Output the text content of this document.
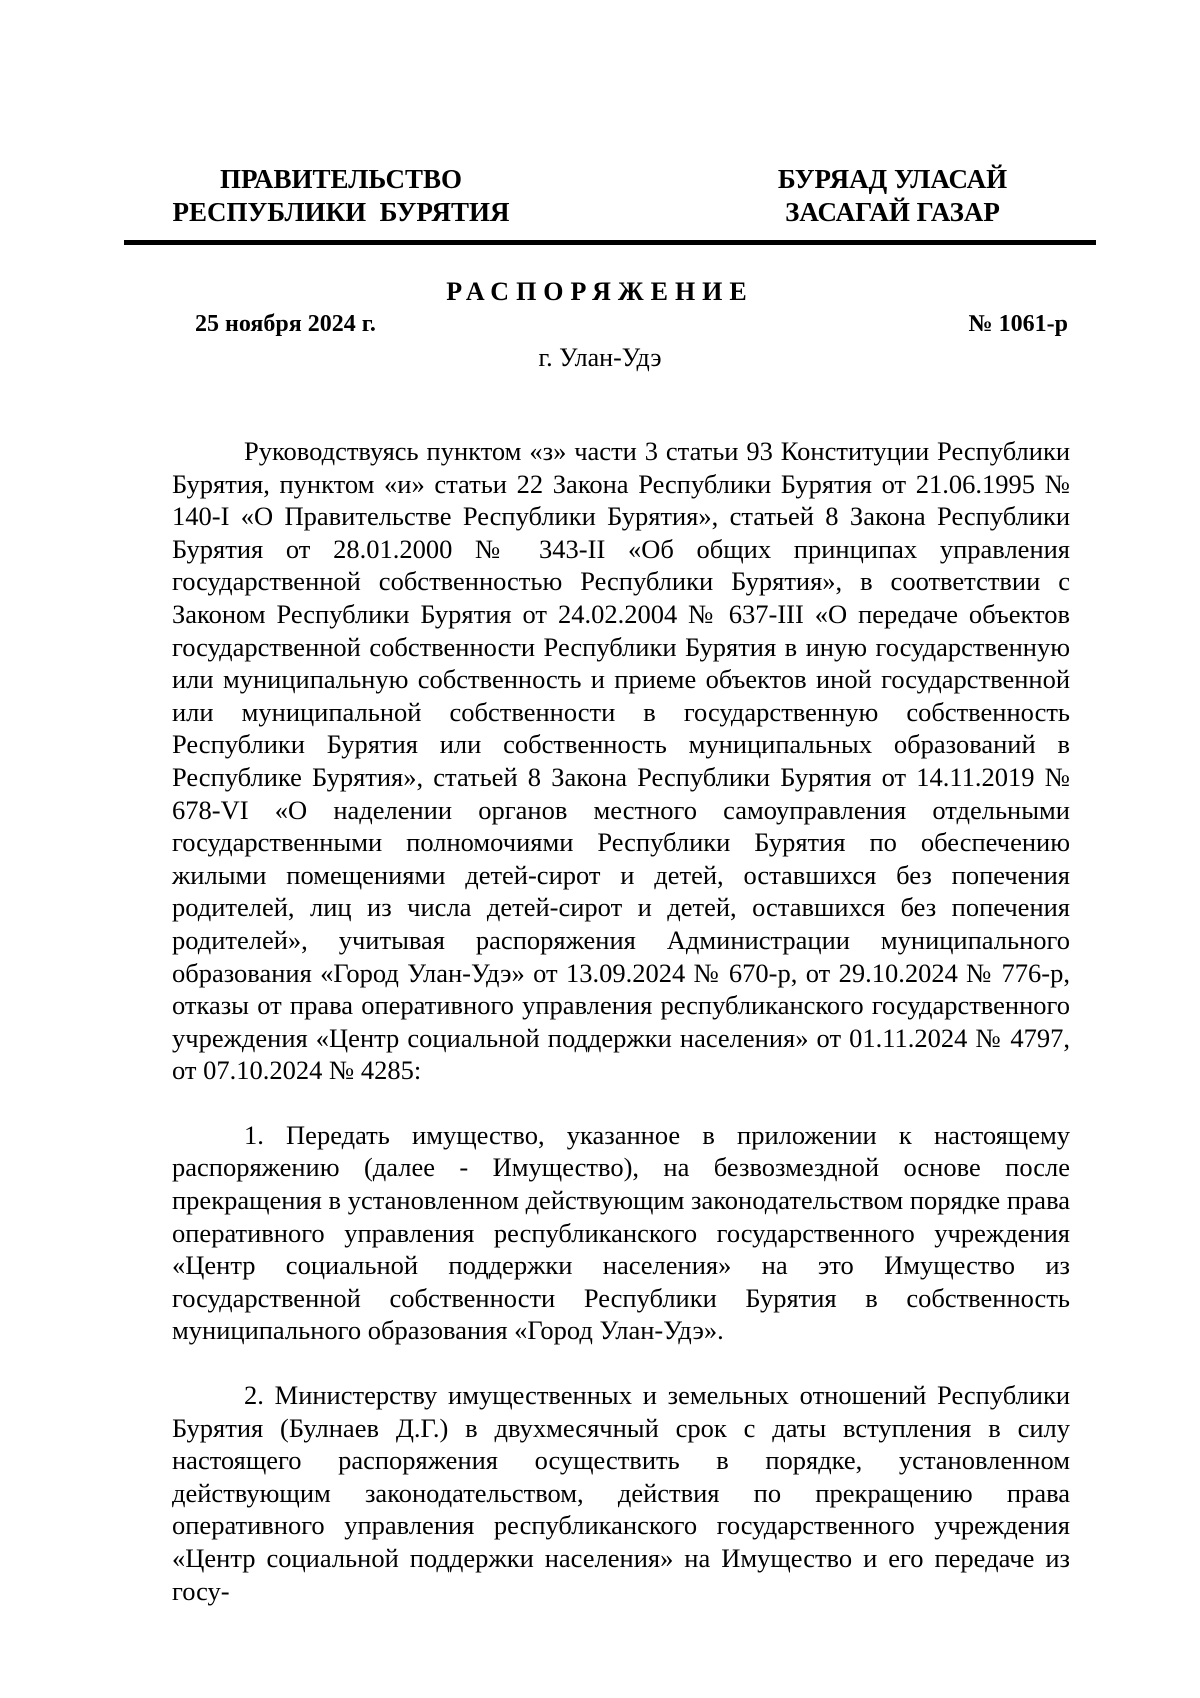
ПРАВИТЕЛЬСТВО
РЕСПУБЛИКИ  БУРЯТИЯ
БУРЯАД УЛАСАЙ
ЗАСАГАЙ ГАЗАР
РАСПОРЯЖЕНИЕ
25 ноября 2024 г.	№ 1061-р
г. Улан-Удэ

Руководствуясь пунктом «з» части 3 статьи 93 Конституции Республики Бурятия, пунктом «и» статьи 22 Закона Республики Бурятия от 21.06.1995 № 140-I «О Правительстве Республики Бурятия», статьей 8 Закона Республики Бурятия от 28.01.2000 № 343-II «Об общих принципах управления государственной собственностью Республики Бурятия», в соответствии с Законом Республики Бурятия от 24.02.2004 № 637-III «О передаче объектов государственной собственности Республики Бурятия в иную государственную или муниципальную собственность и приеме объектов иной государственной или муниципальной собственности в государственную собственность Республики Бурятия или собственность муниципальных образований в Республике Бурятия», статьей 8 Закона Республики Бурятия от 14.11.2019 № 678-VI «О наделении органов местного самоуправления отдельными государственными полномочиями Республики Бурятия по обеспечению жилыми помещениями детей-сирот и детей, оставшихся без попечения родителей, лиц из числа детей-сирот и детей, оставшихся без попечения родителей», учитывая распоряжения Администрации муниципального образования «Город Улан-Удэ» от 13.09.2024 № 670-р, от 29.10.2024 № 776-р, отказы от права оперативного управления республиканского государственного учреждения «Центр социальной поддержки населения» от 01.11.2024 № 4797, от 07.10.2024 № 4285:

1. Передать имущество, указанное в приложении к настоящему распоряжению (далее - Имущество), на безвозмездной основе после прекращения в установленном действующим законодательством порядке права оперативного управления республиканского государственного учреждения «Центр социальной поддержки населения» на это Имущество из государственной собственности Республики Бурятия в собственность муниципального образования «Город Улан-Удэ».

2. Министерству имущественных и земельных отношений Республики Бурятия (Булнаев Д.Г.) в двухмесячный срок с даты вступления в силу настоящего распоряжения осуществить в порядке, установленном действующим законодательством, действия по прекращению права оперативного управления республиканского государственного учреждения «Центр социальной поддержки населения» на Имущество и его передаче из госу-
